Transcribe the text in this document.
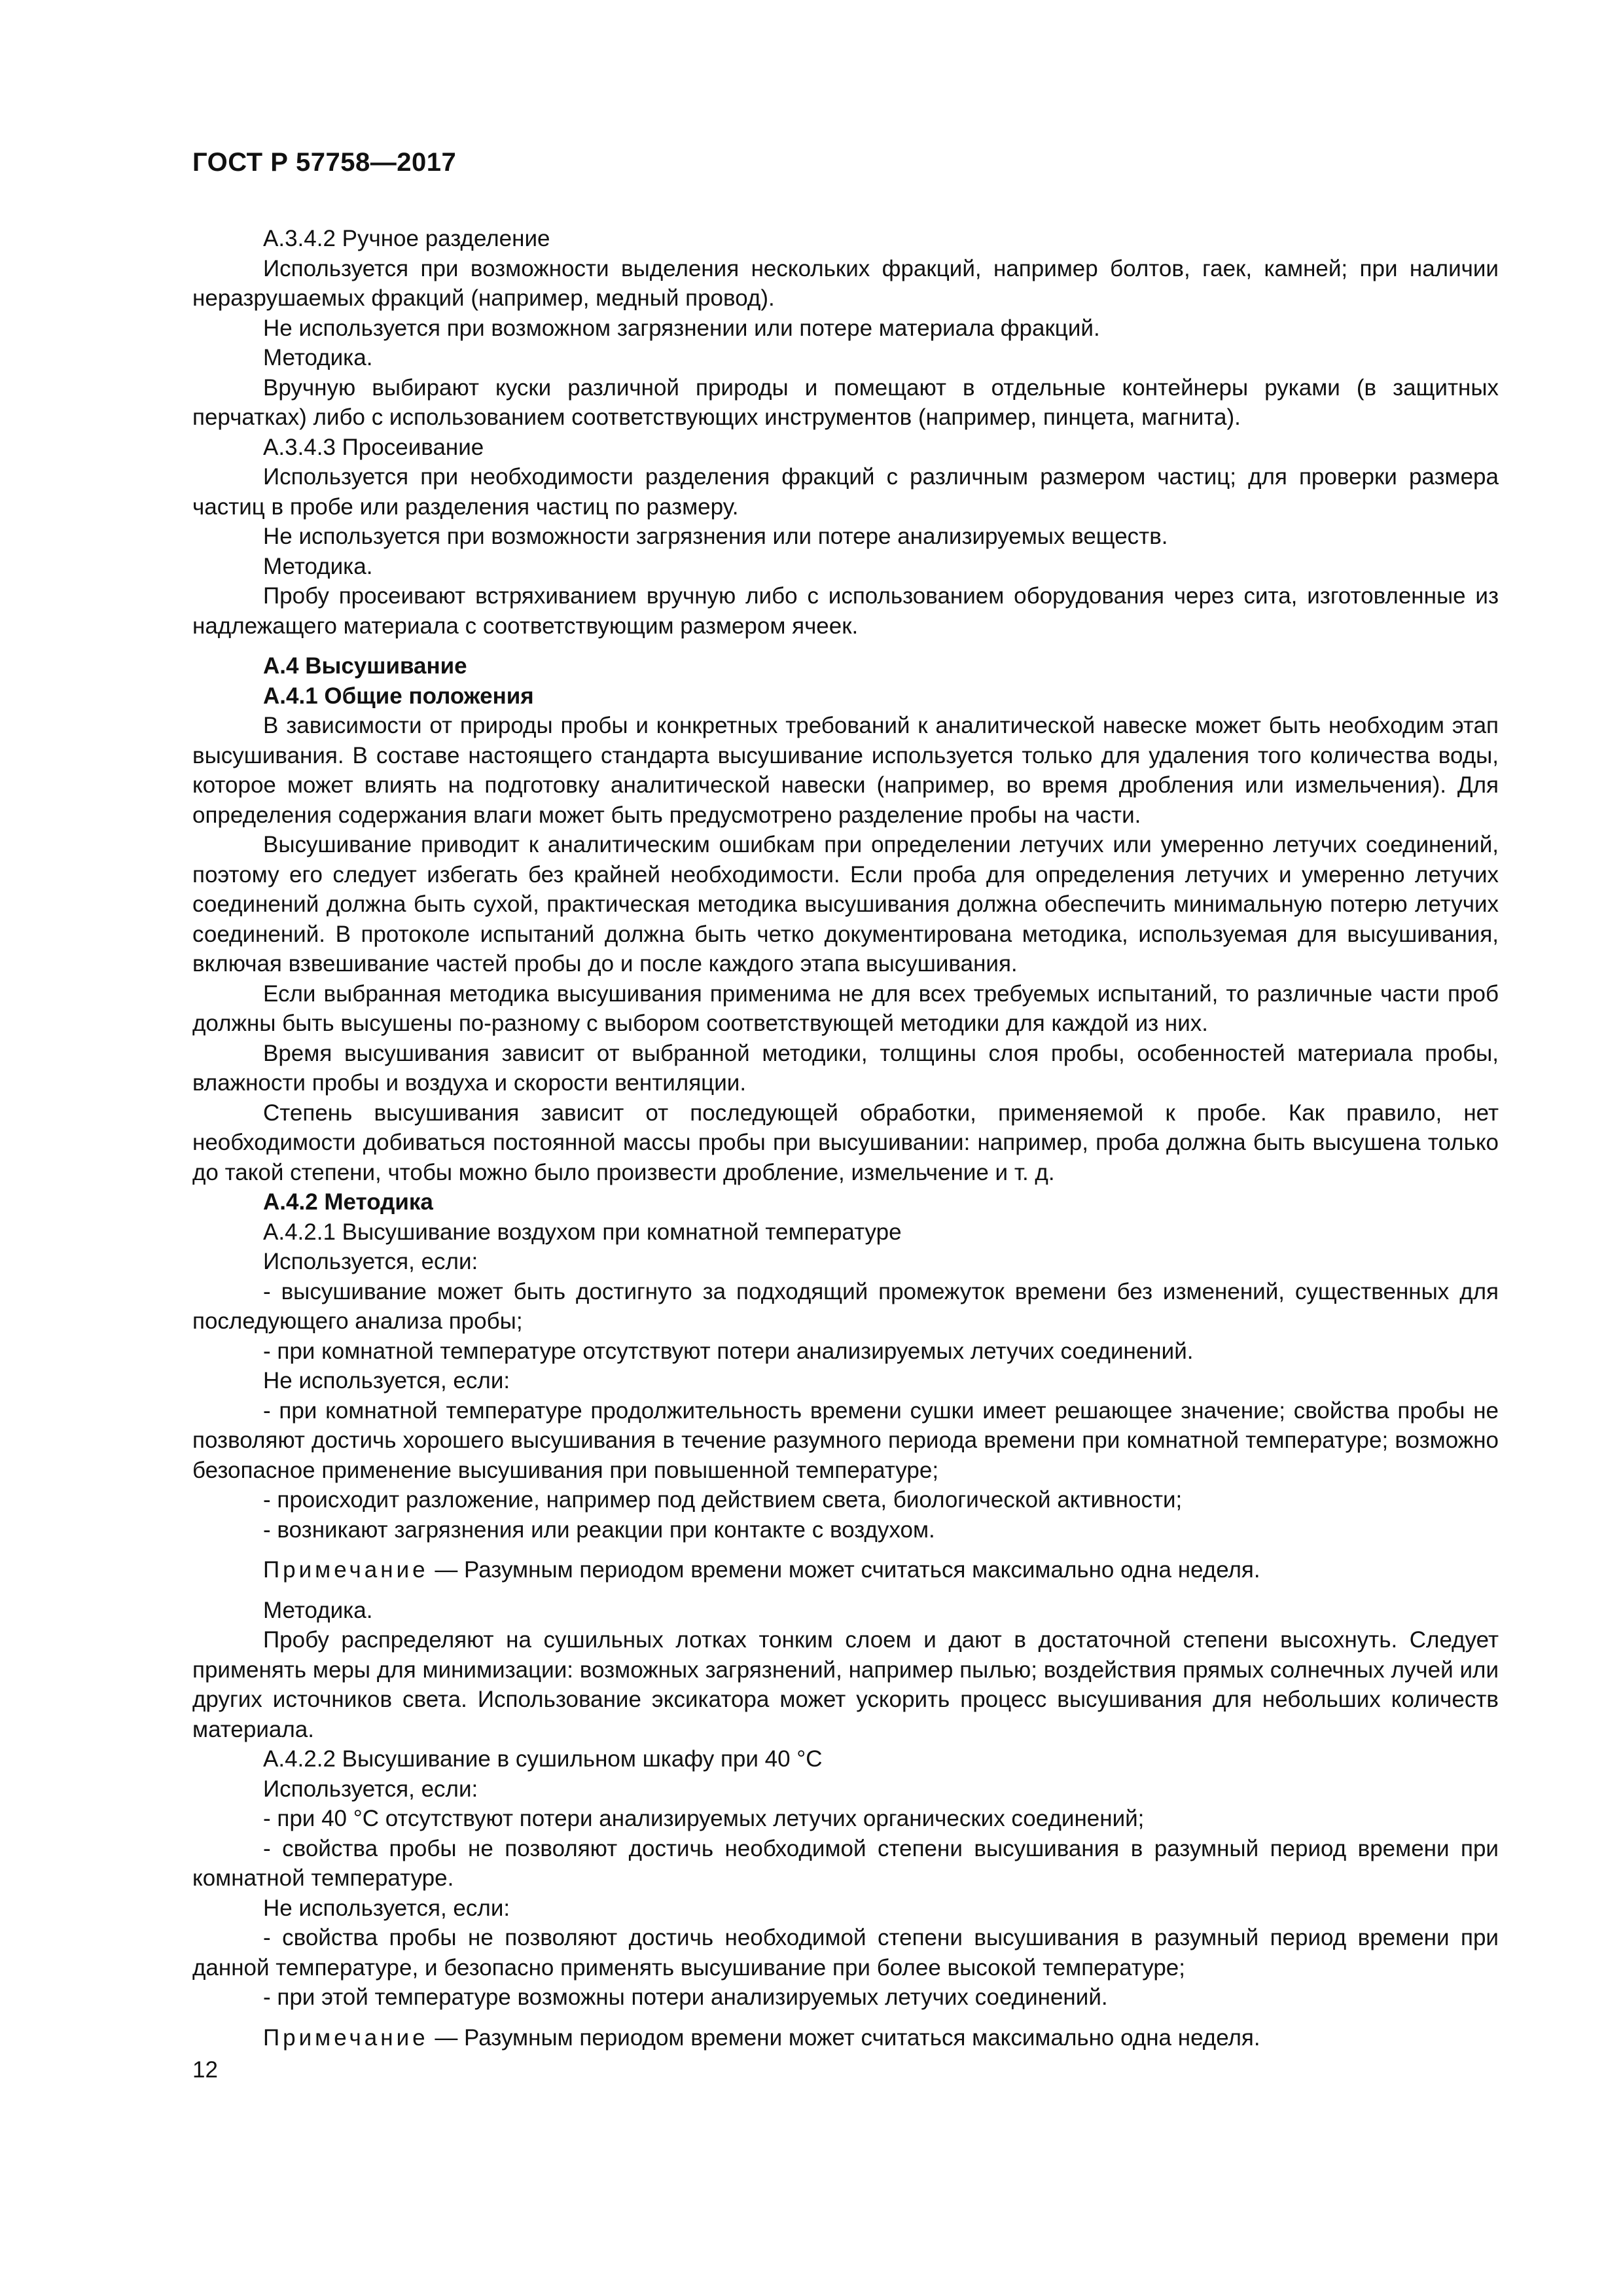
ГОСТ Р 57758—2017

А.3.4.2 Ручное разделение

Используется при возможности выделения нескольких фракций, например болтов, гаек, камней; при наличии неразрушаемых фракций (например, медный провод).

Не используется при возможном загрязнении или потере материала фракций.

Методика.

Вручную выбирают куски различной природы и помещают в отдельные контейнеры руками (в защитных перчатках) либо с использованием соответствующих инструментов (например, пинцета, магнита).

А.3.4.3 Просеивание

Используется при необходимости разделения фракций с различным размером частиц; для проверки размера частиц в пробе или разделения частиц по размеру.

Не используется при возможности загрязнения или потере анализируемых веществ.

Методика.

Пробу просеивают встряхиванием вручную либо с использованием оборудования через сита, изготовленные из надлежащего материала с соответствующим размером ячеек.

А.4 Высушивание

А.4.1 Общие положения

В зависимости от природы пробы и конкретных требований к аналитической навеске может быть необходим этап высушивания. В составе настоящего стандарта высушивание используется только для удаления того количества воды, которое может влиять на подготовку аналитической навески (например, во время дробления или измельчения). Для определения содержания влаги может быть предусмотрено разделение пробы на части.

Высушивание приводит к аналитическим ошибкам при определении летучих или умеренно летучих соединений, поэтому его следует избегать без крайней необходимости. Если проба для определения летучих и умеренно летучих соединений должна быть сухой, практическая методика высушивания должна обеспечить минимальную потерю летучих соединений. В протоколе испытаний должна быть четко документирована методика, используемая для высушивания, включая взвешивание частей пробы до и после каждого этапа высушивания.

Если выбранная методика высушивания применима не для всех требуемых испытаний, то различные части проб должны быть высушены по-разному с выбором соответствующей методики для каждой из них.

Время высушивания зависит от выбранной методики, толщины слоя пробы, особенностей материала пробы, влажности пробы и воздуха и скорости вентиляции.

Степень высушивания зависит от последующей обработки, применяемой к пробе. Как правило, нет необходимости добиваться постоянной массы пробы при высушивании: например, проба должна быть высушена только до такой степени, чтобы можно было произвести дробление, измельчение и т. д.

А.4.2 Методика

А.4.2.1 Высушивание воздухом при комнатной температуре

Используется, если:

- высушивание может быть достигнуто за подходящий промежуток времени без изменений, существенных для последующего анализа пробы;

- при комнатной температуре отсутствуют потери анализируемых летучих соединений.

Не используется, если:

- при комнатной температуре продолжительность времени сушки имеет решающее значение; свойства пробы не позволяют достичь хорошего высушивания в течение разумного периода времени при комнатной температуре; возможно безопасное применение высушивания при повышенной температуре;

- происходит разложение, например под действием света, биологической активности;

- возникают загрязнения или реакции при контакте с воздухом.

Примечание — Разумным периодом времени может считаться максимально одна неделя.

Методика.

Пробу распределяют на сушильных лотках тонким слоем и дают в достаточной степени высохнуть. Следует применять меры для минимизации: возможных загрязнений, например пылью; воздействия прямых солнечных лучей или других источников света. Использование эксикатора может ускорить процесс высушивания для небольших количеств материала.

А.4.2.2 Высушивание в сушильном шкафу при 40 °С

Используется, если:

- при 40 °С отсутствуют потери анализируемых летучих органических соединений;

- свойства пробы не позволяют достичь необходимой степени высушивания в разумный период времени при комнатной температуре.

Не используется, если:

- свойства пробы не позволяют достичь необходимой степени высушивания в разумный период времени при данной температуре, и безопасно применять высушивание при более высокой температуре;

- при этой температуре возможны потери анализируемых летучих соединений.

Примечание — Разумным периодом времени может считаться максимально одна неделя.

12
